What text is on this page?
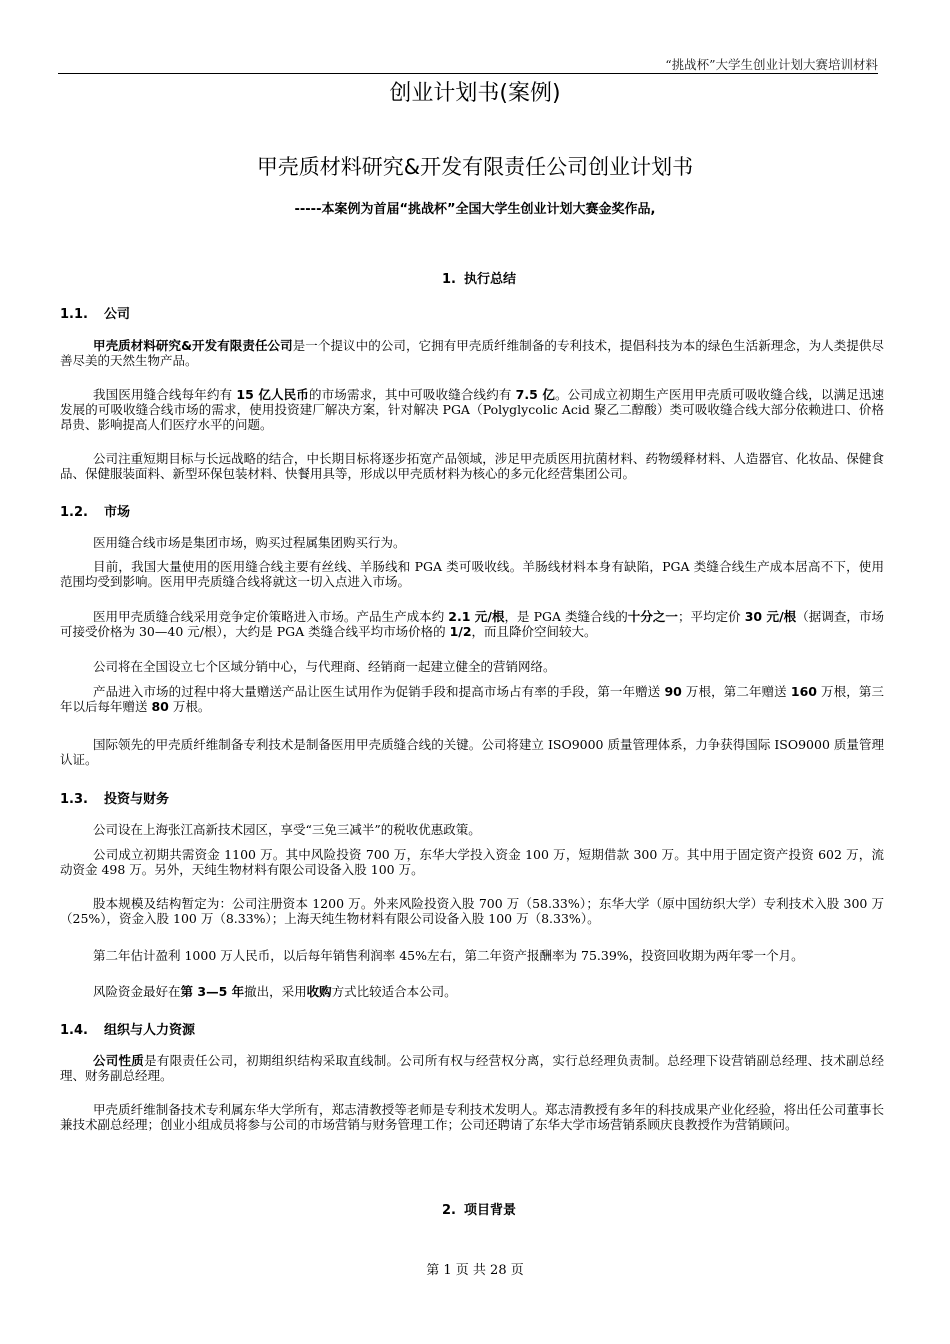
“挑战杯”大学生创业计划大赛培训材料
创业计划书(案例)
甲壳质材料研究&开发有限责任公司创业计划书
-----本案例为首届“挑战杯”全国大学生创业计划大赛金奖作品,
1. 执行总结
1.1. 公司
甲壳质材料研究&开发有限责任公司是一个提议中的公司，它拥有甲壳质纤维制备的专利技术，提倡科技为本的绿色生活新理念，为人类提供尽善尽美的天然生物产品。
我国医用缝合线每年约有 15 亿人民币的市场需求，其中可吸收缝合线约有 7.5 亿。公司成立初期生产医用甲壳质可吸收缝合线，以满足迅速发展的可吸收缝合线市场的需求，使用投资建厂解决方案，针对解决 PGA（Polyglycolic Acid 聚乙二醇酸）类可吸收缝合线大部分依赖进口、价格昂贵、影响提高人们医疗水平的问题。
公司注重短期目标与长远战略的结合，中长期目标将逐步拓宽产品领域，涉足甲壳质医用抗菌材料、药物缓释材料、人造器官、化妆品、保健食品、保健服装面料、新型环保包装材料、快餐用具等，形成以甲壳质材料为核心的多元化经营集团公司。
1.2. 市场
医用缝合线市场是集团市场，购买过程属集团购买行为。
目前，我国大量使用的医用缝合线主要有丝线、羊肠线和 PGA 类可吸收线。羊肠线材料本身有缺陷，PGA 类缝合线生产成本居高不下，使用范围均受到影响。医用甲壳质缝合线将就这一切入点进入市场。
医用甲壳质缝合线采用竞争定价策略进入市场。产品生产成本约 2.1 元/根，是 PGA 类缝合线的十分之一；平均定价 30 元/根（据调查，市场可接受价格为 30—40 元/根），大约是 PGA 类缝合线平均市场价格的 1/2，而且降价空间较大。
公司将在全国设立七个区域分销中心，与代理商、经销商一起建立健全的营销网络。
产品进入市场的过程中将大量赠送产品让医生试用作为促销手段和提高市场占有率的手段，第一年赠送 90 万根，第二年赠送 160 万根，第三年以后每年赠送 80 万根。
国际领先的甲壳质纤维制备专利技术是制备医用甲壳质缝合线的关键。公司将建立 ISO9000 质量管理体系，力争获得国际 ISO9000 质量管理认证。
1.3. 投资与财务
公司设在上海张江高新技术园区，享受“三免三减半”的税收优惠政策。
公司成立初期共需资金 1100 万。其中风险投资 700 万，东华大学投入资金 100 万，短期借款 300 万。其中用于固定资产投资 602 万，流动资金 498 万。另外，天纯生物材料有限公司设备入股 100 万。
股本规模及结构暂定为：公司注册资本 1200 万。外来风险投资入股 700 万（58.33%）；东华大学（原中国纺织大学）专利技术入股 300 万（25%），资金入股 100 万（8.33%）；上海天纯生物材料有限公司设备入股 100 万（8.33%）。
第二年估计盈利 1000 万人民币，以后每年销售利润率 45%左右，第二年资产报酬率为 75.39%，投资回收期为两年零一个月。
风险资金最好在第 3—5 年撤出，采用收购方式比较适合本公司。
1.4. 组织与人力资源
公司性质是有限责任公司，初期组织结构采取直线制。公司所有权与经营权分离，实行总经理负责制。总经理下设营销副总经理、技术副总经理、财务副总经理。
甲壳质纤维制备技术专利属东华大学所有，郑志清教授等老师是专利技术发明人。郑志清教授有多年的科技成果产业化经验，将出任公司董事长兼技术副总经理；创业小组成员将参与公司的市场营销与财务管理工作；公司还聘请了东华大学市场营销系顾庆良教授作为营销顾问。
2. 项目背景
第 1 页 共 28 页
